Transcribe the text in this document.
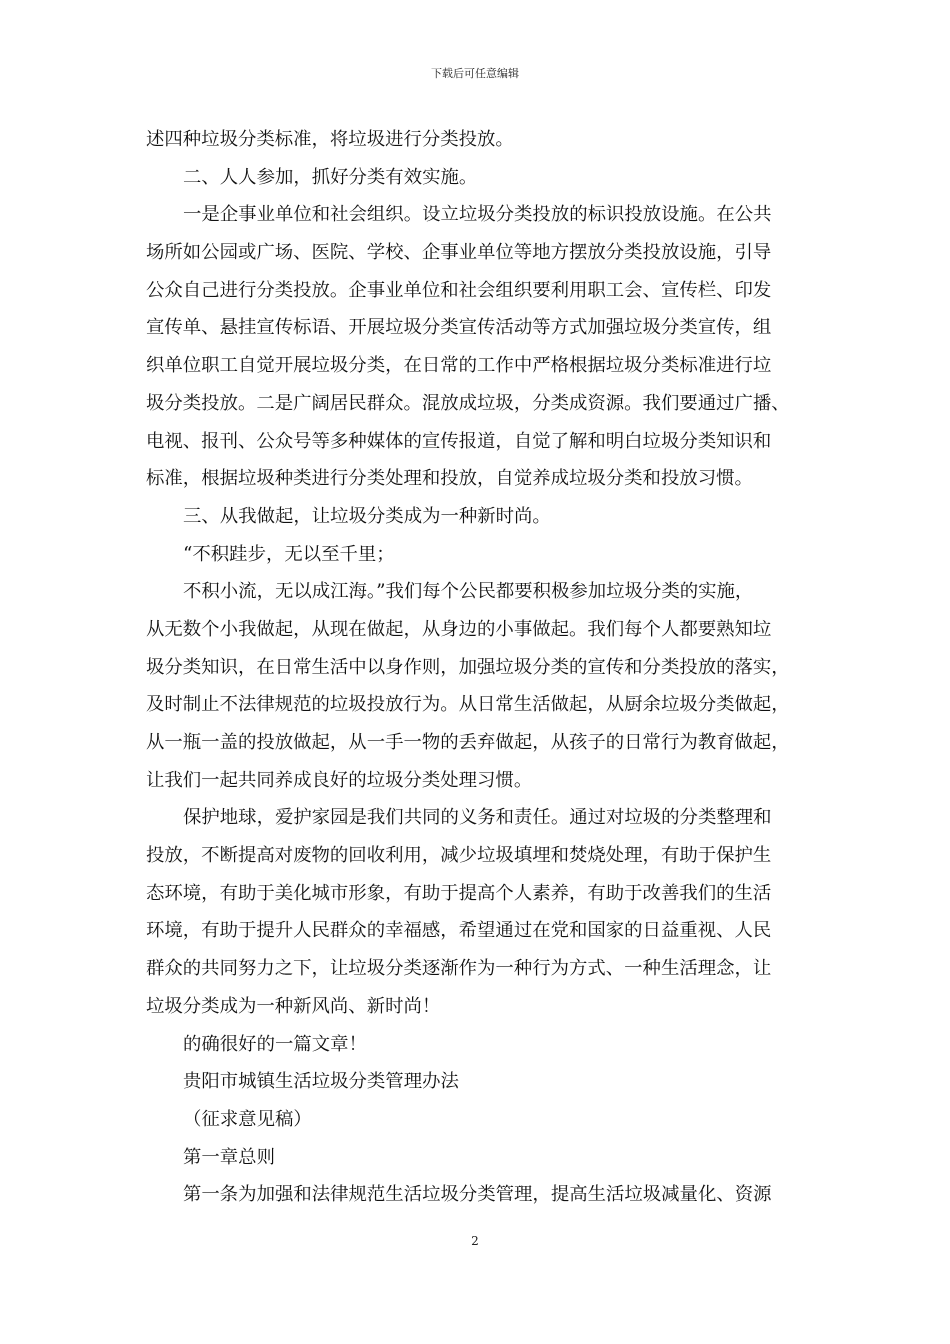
下载后可任意编辑
述四种垃圾分类标准，将垃圾进行分类投放。
二、人人参加，抓好分类有效实施。
一是企事业单位和社会组织。设立垃圾分类投放的标识投放设施。在公共
场所如公园或广场、医院、学校、企事业单位等地方摆放分类投放设施，引导
公众自己进行分类投放。企事业单位和社会组织要利用职工会、宣传栏、印发
宣传单、悬挂宣传标语、开展垃圾分类宣传活动等方式加强垃圾分类宣传，组
织单位职工自觉开展垃圾分类，在日常的工作中严格根据垃圾分类标准进行垃
圾分类投放。二是广阔居民群众。混放成垃圾，分类成资源。我们要通过广播、
电视、报刊、公众号等多种媒体的宣传报道，自觉了解和明白垃圾分类知识和
标准，根据垃圾种类进行分类处理和投放，自觉养成垃圾分类和投放习惯。
三、从我做起，让垃圾分类成为一种新时尚。
“不积跬步，无以至千里；
不积小流，无以成江海。”我们每个公民都要积极参加垃圾分类的实施，
从无数个小我做起，从现在做起，从身边的小事做起。我们每个人都要熟知垃
圾分类知识，在日常生活中以身作则，加强垃圾分类的宣传和分类投放的落实，
及时制止不法律规范的垃圾投放行为。从日常生活做起，从厨余垃圾分类做起，
从一瓶一盖的投放做起，从一手一物的丢弃做起，从孩子的日常行为教育做起，
让我们一起共同养成良好的垃圾分类处理习惯。
保护地球，爱护家园是我们共同的义务和责任。通过对垃圾的分类整理和
投放，不断提高对废物的回收利用，减少垃圾填埋和焚烧处理，有助于保护生
态环境，有助于美化城市形象，有助于提高个人素养，有助于改善我们的生活
环境，有助于提升人民群众的幸福感，希望通过在党和国家的日益重视、人民
群众的共同努力之下，让垃圾分类逐渐作为一种行为方式、一种生活理念，让
垃圾分类成为一种新风尚、新时尚！
的确很好的一篇文章！
贵阳市城镇生活垃圾分类管理办法
（征求意见稿）
第一章总则
第一条为加强和法律规范生活垃圾分类管理，提高生活垃圾减量化、资源
2
